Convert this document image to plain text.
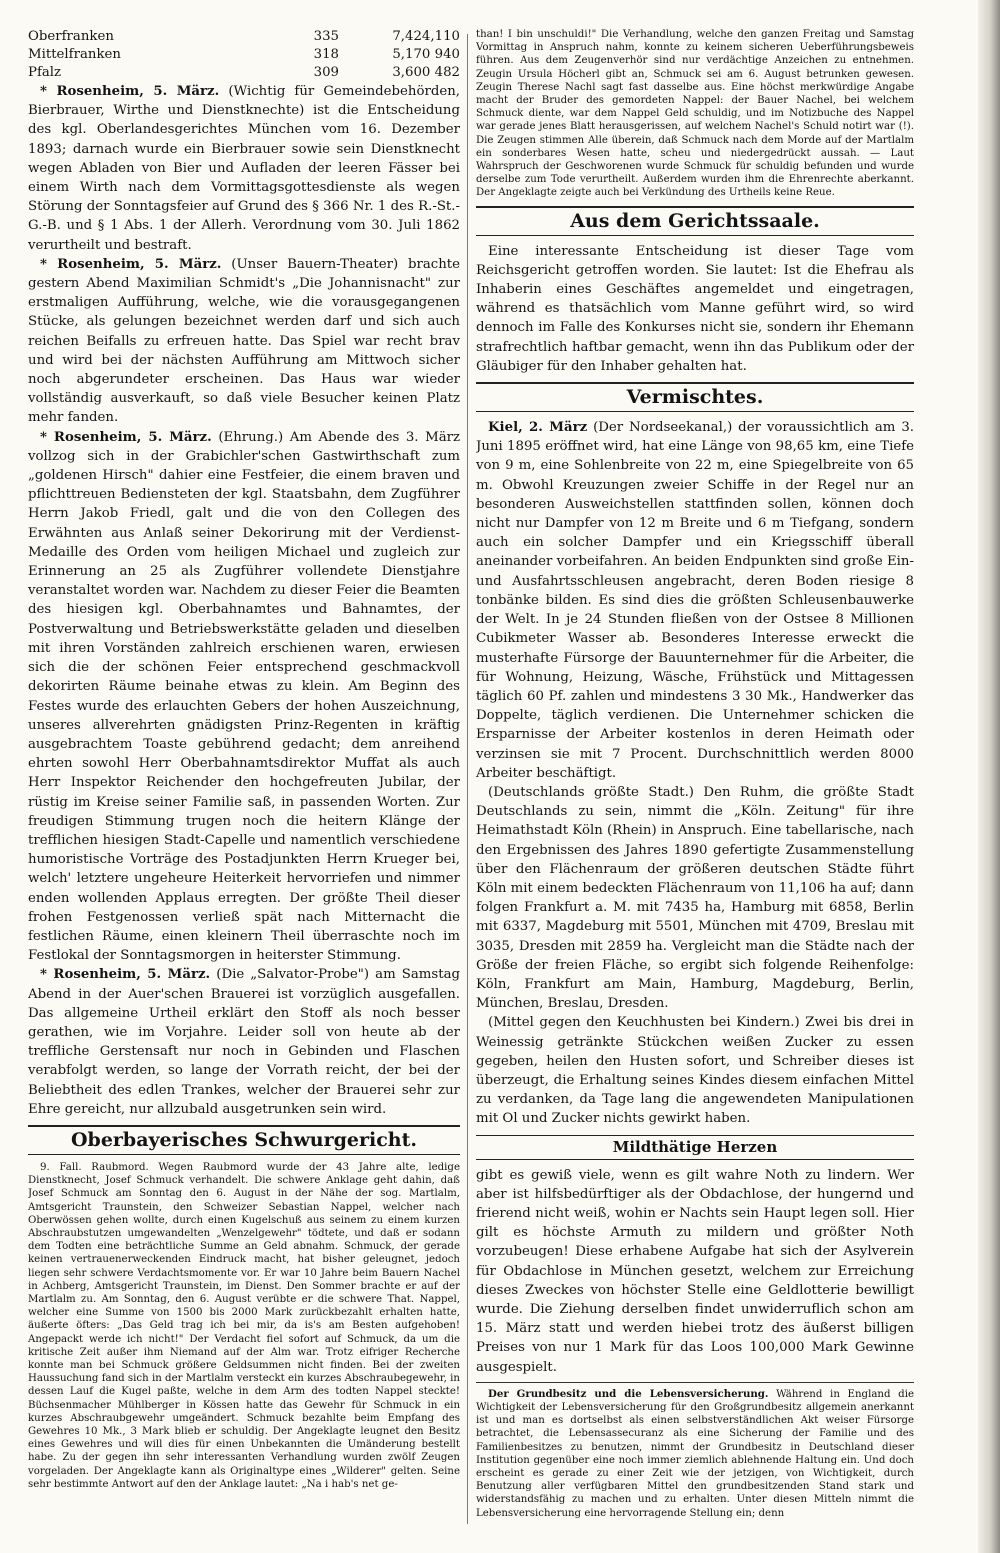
Oberfranken	335	7,424,110
Mittelfranken	318	5,170 940
Pfalz	309	3,600 482

* Rosenheim, 5. März. (Wichtig für Gemeindebehörden, Bierbrauer, Wirthe und Dienstknechte) ist die Entscheidung des kgl. Oberlandesgerichtes München vom 16. Dezember 1893; darnach wurde ein Bierbrauer sowie sein Dienstknecht wegen Abladen von Bier und Aufladen der leeren Fässer bei einem Wirth nach dem Vormittagsgottesdienste als wegen Störung der Sonntagsfeier auf Grund des § 366 Nr. 1 des R.-St.-G.-B. und § 1 Abs. 1 der Allerh. Verordnung vom 30. Juli 1862 verurtheilt und bestraft.

* Rosenheim, 5. März. (Unser Bauern-Theater) brachte gestern Abend Maximilian Schmidt's „Die Johannisnacht" zur erstmaligen Aufführung, welche, wie die vorausgegangenen Stücke, als gelungen bezeichnet werden darf und sich auch reichen Beifalls zu erfreuen hatte. Das Spiel war recht brav und wird bei der nächsten Aufführung am Mittwoch sicher noch abgerundeter erscheinen. Das Haus war wieder vollständig ausverkauft, so daß viele Besucher keinen Platz mehr fanden.

* Rosenheim, 5. März. (Ehrung.) Am Abende des 3. März vollzog sich in der Grabichler'schen Gastwirthschaft zum „goldenen Hirsch" dahier eine Festfeier, die einem braven und pflichttreuen Bediensteten der kgl. Staatsbahn, dem Zugführer Herrn Jakob Friedl, galt und die von den Collegen des Erwähnten aus Anlaß seiner Dekorirung mit der Verdienst-Medaille des Orden vom heiligen Michael und zugleich zur Erinnerung an 25 als Zugführer vollendete Dienstjahre veranstaltet worden war. Nachdem zu dieser Feier die Beamten des hiesigen kgl. Oberbahnamtes und Bahnamtes, der Postverwaltung und Betriebswerkstätte geladen und dieselben mit ihren Vorständen zahlreich erschienen waren, erwiesen sich die der schönen Feier entsprechend geschmackvoll dekorirten Räume beinahe etwas zu klein. Am Beginn des Festes wurde des erlauchten Gebers der hohen Auszeichnung, unseres allverehrten gnädigsten Prinz-Regenten in kräftig ausgebrachtem Toaste gebührend gedacht; dem anreihend ehrten sowohl Herr Oberbahnamtsdirektor Muffat als auch Herr Inspektor Reichender den hochgefreuten Jubilar, der rüstig im Kreise seiner Familie saß, in passenden Worten. Zur freudigen Stimmung trugen noch die heitern Klänge der trefflichen hiesigen Stadt-Capelle und namentlich verschiedene humoristische Vorträge des Postadjunkten Herrn Krueger bei, welch' letztere ungeheure Heiterkeit hervorriefen und nimmer enden wollenden Applaus erregten. Der größte Theil dieser frohen Festgenossen verließ spät nach Mitternacht die festlichen Räume, einen kleinern Theil überraschte noch im Festlokal der Sonntagsmorgen in heiterster Stimmung.

* Rosenheim, 5. März. (Die „Salvator-Probe") am Samstag Abend in der Auer'schen Brauerei ist vorzüglich ausgefallen. Das allgemeine Urtheil erklärt den Stoff als noch besser gerathen, wie im Vorjahre. Leider soll von heute ab der treffliche Gerstensaft nur noch in Gebinden und Flaschen verabfolgt werden, so lange der Vorrath reicht, der bei der Beliebtheit des edlen Trankes, welcher der Brauerei sehr zur Ehre gereicht, nur allzubald ausgetrunken sein wird.

Oberbayerisches Schwurgericht.

9. Fall. Raubmord. Wegen Raubmord wurde der 43 Jahre alte, ledige Dienstknecht, Josef Schmuck verhandelt. Die schwere Anklage geht dahin, daß Josef Schmuck am Sonntag den 6. August in der Nähe der sog. Martlalm, Amtsgericht Traunstein, den Schweizer Sebastian Nappel, welcher nach Oberwössen gehen wollte, durch einen Kugelschuß aus seinem zu einem kurzen Abschraubstutzen umgewandelten „Wenzelgewehr" tödtete, und daß er sodann dem Todten eine beträchtliche Summe an Geld abnahm. Schmuck, der gerade keinen vertrauenerweckenden Eindruck macht, hat bisher geleugnet, jedoch liegen sehr schwere Verdachtsmomente vor. Er war 10 Jahre beim Bauern Nachel in Achberg, Amtsgericht Traunstein, im Dienst. Den Sommer brachte er auf der Martlalm zu. Am Sonntag, den 6. August verübte er die schwere That. Nappel, welcher eine Summe von 1500 bis 2000 Mark zurückbezahlt erhalten hatte, äußerte öfters: „Das Geld trag ich bei mir, da is's am Besten aufgehoben! Angepackt werde ich nicht!" Der Verdacht fiel sofort auf Schmuck, da um die kritische Zeit außer ihm Niemand auf der Alm war. Trotz eifriger Recherche konnte man bei Schmuck größere Geldsummen nicht finden. Bei der zweiten Haussuchung fand sich in der Martlalm versteckt ein kurzes Abschraubegewehr, in dessen Lauf die Kugel paßte, welche in dem Arm des todten Nappel steckte! Büchsenmacher Mühlberger in Kössen hatte das Gewehr für Schmuck in ein kurzes Abschraubgewehr umgeändert. Schmuck bezahlte beim Empfang des Gewehres 10 Mk., 3 Mark blieb er schuldig. Der Angeklagte leugnet den Besitz eines Gewehres und will dies für einen Unbekannten die Umänderung bestellt habe. Zu der gegen ihn sehr interessanten Verhandlung wurden zwölf Zeugen vorgeladen. Der Angeklagte kann als Originaltype eines „Wilderer" gelten. Seine sehr bestimmte Antwort auf den der Anklage lautet: „Na i hab's net ge-

than! I bin unschuldi!" Die Verhandlung, welche den ganzen Freitag und Samstag Vormittag in Anspruch nahm, konnte zu keinem sicheren Ueberführungsbeweis führen. Aus dem Zeugenverhör sind nur verdächtige Anzeichen zu entnehmen. Zeugin Ursula Höcherl gibt an, Schmuck sei am 6. August betrunken gewesen. Zeugin Therese Nachl sagt fast dasselbe aus. Eine höchst merkwürdige Angabe macht der Bruder des gemordeten Nappel: der Bauer Nachel, bei welchem Schmuck diente, war dem Nappel Geld schuldig, und im Notizbuche des Nappel war gerade jenes Blatt herausgerissen, auf welchem Nachel's Schuld notirt war (!). Die Zeugen stimmen Alle überein, daß Schmuck nach dem Morde auf der Martlalm ein sonderbares Wesen hatte, scheu und niedergedrückt aussah. — Laut Wahrspruch der Geschworenen wurde Schmuck für schuldig befunden und wurde derselbe zum Tode verurtheilt. Außerdem wurden ihm die Ehrenrechte aberkannt. Der Angeklagte zeigte auch bei Verkündung des Urtheils keine Reue.

Aus dem Gerichtssaale.

Eine interessante Entscheidung ist dieser Tage vom Reichsgericht getroffen worden. Sie lautet: Ist die Ehefrau als Inhaberin eines Geschäftes angemeldet und eingetragen, während es thatsächlich vom Manne geführt wird, so wird dennoch im Falle des Konkurses nicht sie, sondern ihr Ehemann strafrechtlich haftbar gemacht, wenn ihn das Publikum oder der Gläubiger für den Inhaber gehalten hat.

Vermischtes.

Kiel, 2. März (Der Nordseekanal,) der voraussichtlich am 3. Juni 1895 eröffnet wird, hat eine Länge von 98,65 km, eine Tiefe von 9 m, eine Sohlenbreite von 22 m, eine Spiegelbreite von 65 m. Obwohl Kreuzungen zweier Schiffe in der Regel nur an besonderen Ausweichstellen stattfinden sollen, können doch nicht nur Dampfer von 12 m Breite und 6 m Tiefgang, sondern auch ein solcher Dampfer und ein Kriegsschiff überall aneinander vorbeifahren. An beiden Endpunkten sind große Ein- und Ausfahrtsschleusen angebracht, deren Boden riesige 8 tonbänke bilden. Es sind dies die größten Schleusenbauwerke der Welt. In je 24 Stunden fließen von der Ostsee 8 Millionen Cubikmeter Wasser ab. Besonderes Interesse erweckt die musterhafte Fürsorge der Bauunternehmer für die Arbeiter, die für Wohnung, Heizung, Wäsche, Frühstück und Mittagessen täglich 60 Pf. zahlen und mindestens 3 30 Mk., Handwerker das Doppelte, täglich verdienen. Die Unternehmer schicken die Ersparnisse der Arbeiter kostenlos in deren Heimath oder verzinsen sie mit 7 Procent. Durchschnittlich werden 8000 Arbeiter beschäftigt.

(Deutschlands größte Stadt.) Den Ruhm, die größte Stadt Deutschlands zu sein, nimmt die „Köln. Zeitung" für ihre Heimathstadt Köln (Rhein) in Anspruch. Eine tabellarische, nach den Ergebnissen des Jahres 1890 gefertigte Zusammenstellung über den Flächenraum der größeren deutschen Städte führt Köln mit einem bedeckten Flächenraum von 11,106 ha auf; dann folgen Frankfurt a. M. mit 7435 ha, Hamburg mit 6858, Berlin mit 6337, Magdeburg mit 5501, München mit 4709, Breslau mit 3035, Dresden mit 2859 ha. Vergleicht man die Städte nach der Größe der freien Fläche, so ergibt sich folgende Reihenfolge: Köln, Frankfurt am Main, Hamburg, Magdeburg, Berlin, München, Breslau, Dresden.

(Mittel gegen den Keuchhusten bei Kindern.) Zwei bis drei in Weinessig getränkte Stückchen weißen Zucker zu essen gegeben, heilen den Husten sofort, und Schreiber dieses ist überzeugt, die Erhaltung seines Kindes diesem einfachen Mittel zu verdanken, da Tage lang die angewendeten Manipulationen mit Ol und Zucker nichts gewirkt haben.

Mildthätige Herzen

gibt es gewiß viele, wenn es gilt wahre Noth zu lindern. Wer aber ist hilfsbedürftiger als der Obdachlose, der hungernd und frierend nicht weiß, wohin er Nachts sein Haupt legen soll. Hier gilt es höchste Armuth zu mildern und größter Noth vorzubeugen! Diese erhabene Aufgabe hat sich der Asylverein für Obdachlose in München gesetzt, welchem zur Erreichung dieses Zweckes von höchster Stelle eine Geldlotterie bewilligt wurde. Die Ziehung derselben findet unwiderruflich schon am 15. März statt und werden hiebei trotz des äußerst billigen Preises von nur 1 Mark für das Loos 100,000 Mark Gewinne ausgespielt.

Der Grundbesitz und die Lebensversicherung. Während in England die Wichtigkeit der Lebensversicherung für den Großgrundbesitz allgemein anerkannt ist und man es dortselbst als einen selbstverständlichen Akt weiser Fürsorge betrachtet, die Lebensassecuranz als eine Sicherung der Familie und des Familienbesitzes zu benutzen, nimmt der Grundbesitz in Deutschland dieser Institution gegenüber eine noch immer ziemlich ablehnende Haltung ein. Und doch erscheint es gerade zu einer Zeit wie der jetzigen, von Wichtigkeit, durch Benutzung aller verfügbaren Mittel den grundbesitzenden Stand stark und widerstandsfähig zu machen und zu erhalten. Unter diesen Mitteln nimmt die Lebensversicherung eine hervorragende Stellung ein; denn
